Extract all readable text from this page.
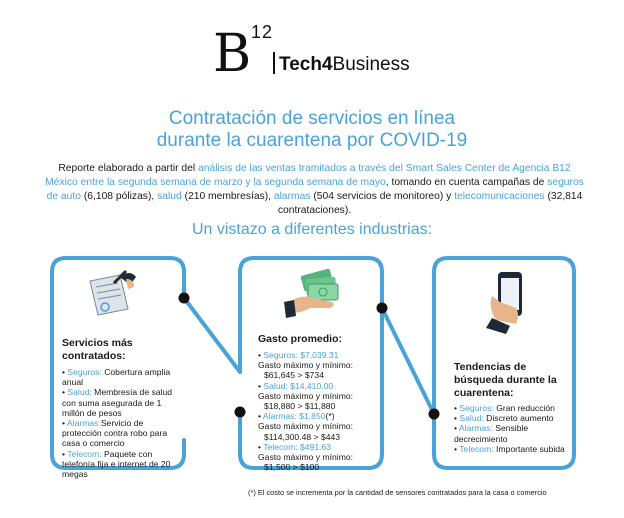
B 12
Tech4Business
Contratación de servicios en línea
durante la cuarentena por COVID-19
Reporte elaborado a partir del análisis de las ventas tramitados a través del Smart Sales Center de Agencia B12 México entre la segunda semana de marzo y la segunda semana de mayo, tomando en cuenta campañas de seguros de auto (6,108 pólizas), salud (210 membresías), alarmas (504 servicios de monitoreo) y telecomunicaciones (32,814 contrataciones).
Un vistazo a diferentes industrias:
Servicios más contratados:
• Seguros: Cobertura amplia anual
• Salud: Membresía de salud con suma asegurada de 1 millón de pesos
• Alarmas:Servicio de protección contra robo para casa o comercio
• Telecom: Paquete con telefonía fija e internet de 20 megas
Gasto promedio:
• Seguros: $7,039.31
Gasto máximo y mínimo:
$61,645 > $734
• Salud: $14,410.00
Gasto máximo y mínimo:
$18,880 > $11,880
• Alarmas: $1,850(*)
Gasto máximo y mínimo:
$114,300.48 > $443
• Telecom: $491.63
Gasto máximo y mínimo:
$1,500 > $100
Tendencias de búsqueda durante la cuarentena:
• Seguros: Gran reducción
• Salud: Discreto aumento
• Alarmas: Sensible decrecimiento
• Telecom: Importante subida
(*) El costo se incrementa por la cantidad de sensores contratados para la casa o comercio
